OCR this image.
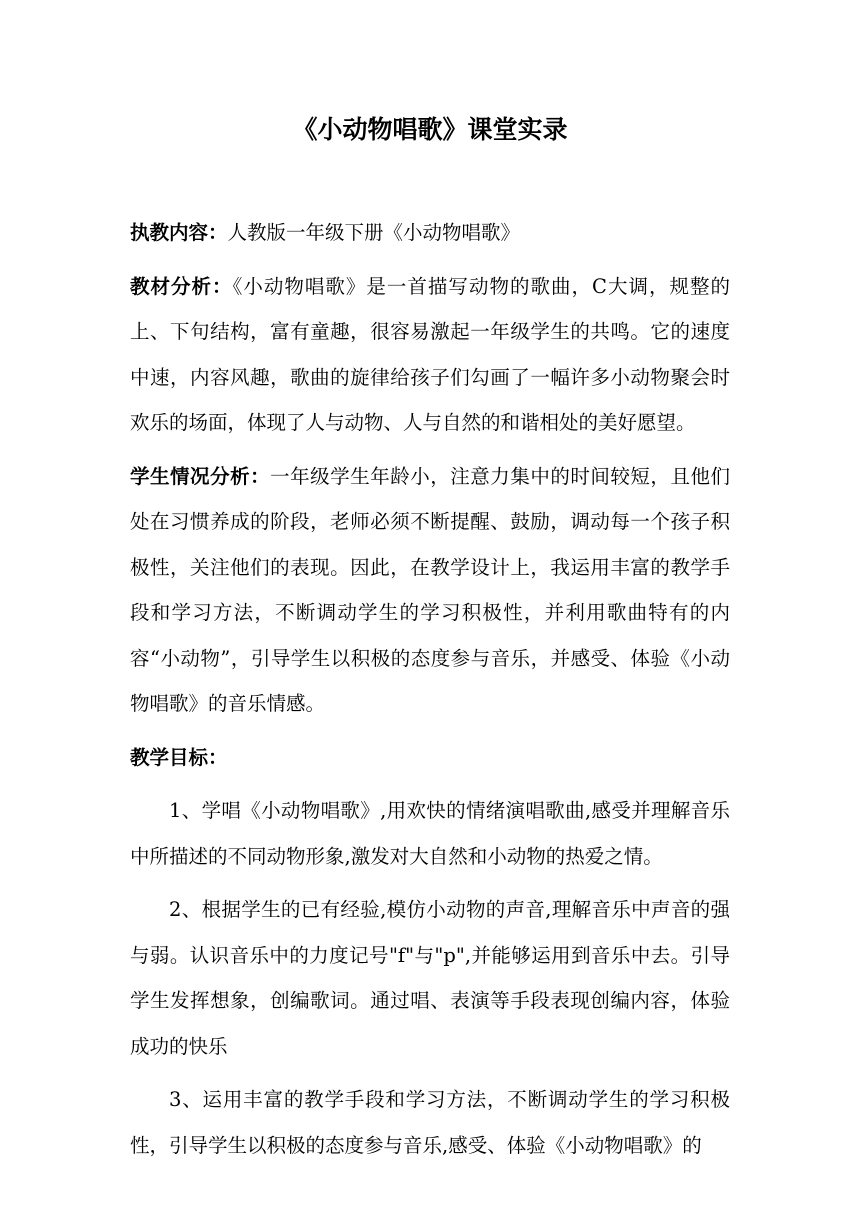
《小动物唱歌》课堂实录

执教内容：人教版一年级下册《小动物唱歌》

教材分析：《小动物唱歌》是一首描写动物的歌曲，C大调，规整的上、下句结构，富有童趣，很容易激起一年级学生的共鸣。它的速度中速，内容风趣，歌曲的旋律给孩子们勾画了一幅许多小动物聚会时欢乐的场面，体现了人与动物、人与自然的和谐相处的美好愿望。

学生情况分析：一年级学生年龄小，注意力集中的时间较短，且他们处在习惯养成的阶段，老师必须不断提醒、鼓励，调动每一个孩子积极性，关注他们的表现。因此，在教学设计上，我运用丰富的教学手段和学习方法，不断调动学生的学习积极性，并利用歌曲特有的内容“小动物”，引导学生以积极的态度参与音乐，并感受、体验《小动物唱歌》的音乐情感。

教学目标：

1、学唱《小动物唱歌》,用欢快的情绪演唱歌曲,感受并理解音乐中所描述的不同动物形象,激发对大自然和小动物的热爱之情。

2、根据学生的已有经验,模仿小动物的声音,理解音乐中声音的强与弱。认识音乐中的力度记号"f"与"p",并能够运用到音乐中去。引导学生发挥想象，创编歌词。通过唱、表演等手段表现创编内容，体验成功的快乐

3、运用丰富的教学手段和学习方法，不断调动学生的学习积极性，引导学生以积极的态度参与音乐,感受、体验《小动物唱歌》的
